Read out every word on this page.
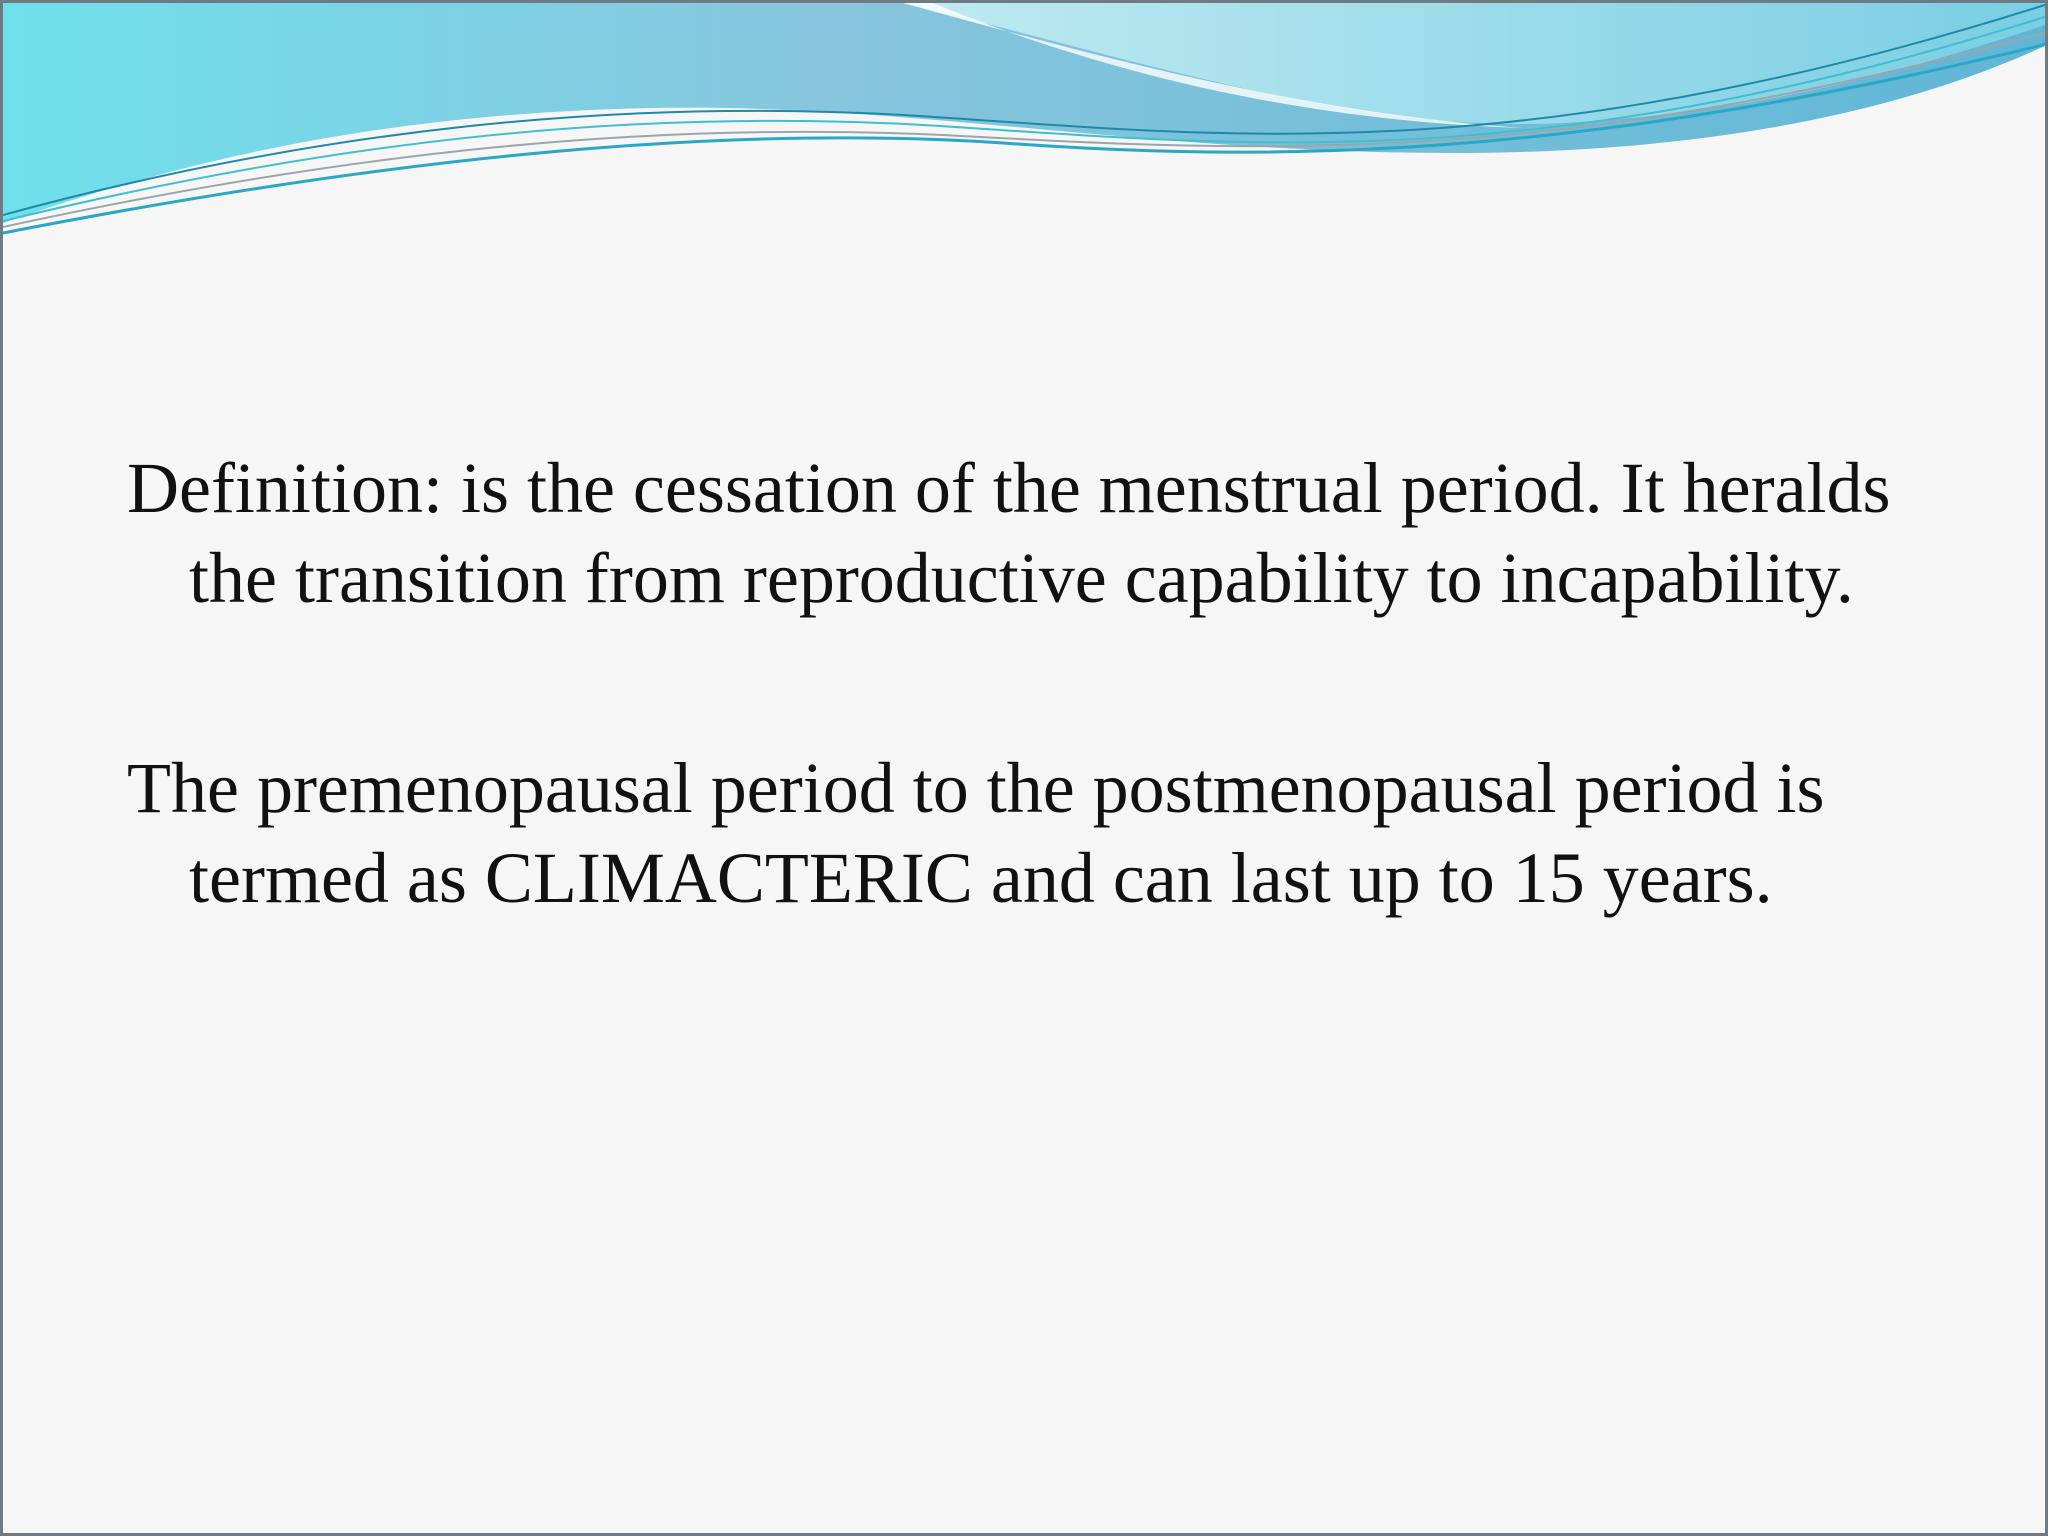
Definition: is the cessation of the menstrual period. It heralds the transition from reproductive capability to incapability.

The premenopausal period to the postmenopausal period is termed as CLIMACTERIC and can last up to 15 years.
